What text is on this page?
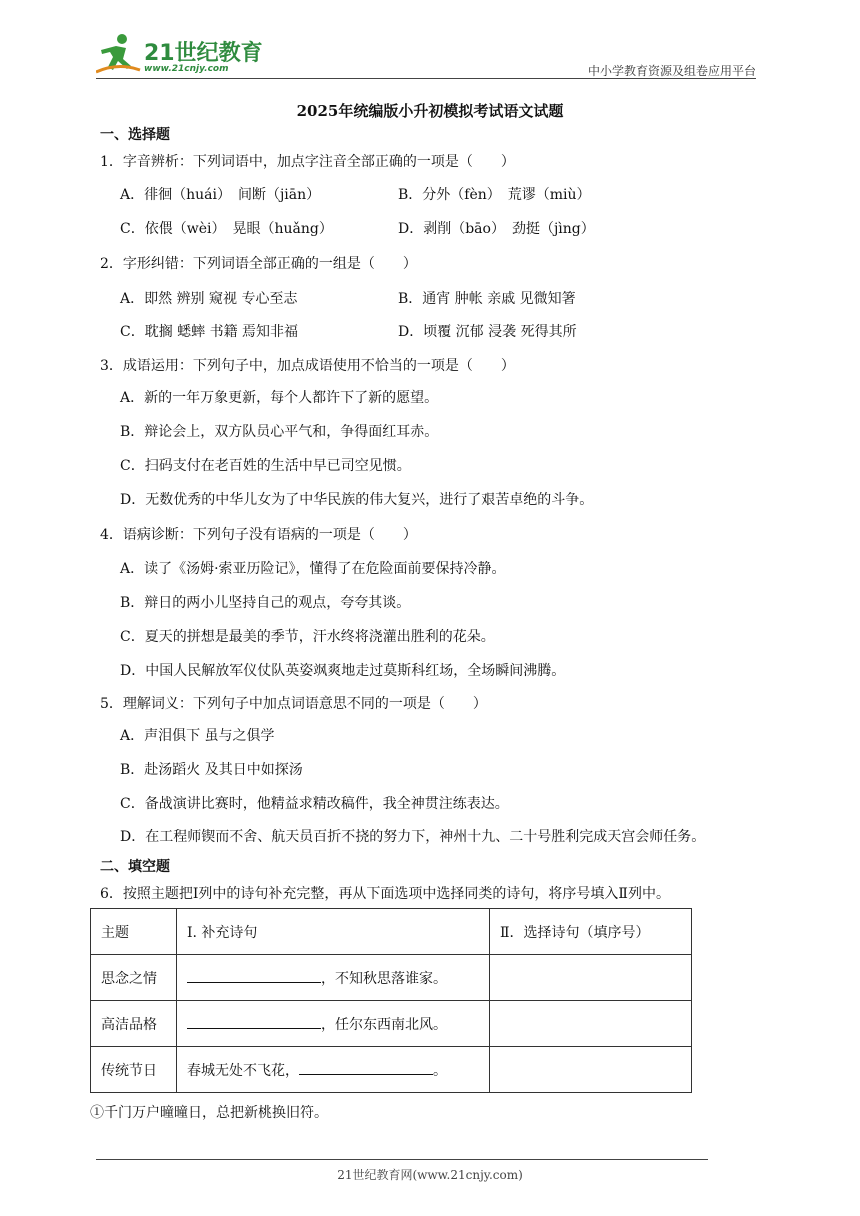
21世纪教育
www.21cnjy.com	中小学教育资源及组卷应用平台
2025年统编版小升初模拟考试语文试题
一、选择题
1．字音辨析：下列词语中，加点字注音全部正确的一项是（　　）
A．徘徊（huái）　间断（jiān）	B．分外（fèn）　荒谬（miù）
C．依偎（wèi）　晃眼（huǎng）	D．剥削（bāo）　劲挺（jìng）
2．字形纠错：下列词语全部正确的一组是（　　）
A．即然 辨别 窥视 专心至志	B．通宵 肿帐 亲戚 见微知箸
C．耽搁 蟋蟀 书籍 焉知非福	D．顷覆 沉郁 浸袭 死得其所
3．成语运用：下列句子中，加点成语使用不恰当的一项是（　　）
A．新的一年万象更新，每个人都许下了新的愿望。
B．辩论会上，双方队员心平气和，争得面红耳赤。
C．扫码支付在老百姓的生活中早已司空见惯。
D．无数优秀的中华儿女为了中华民族的伟大复兴，进行了艰苦卓绝的斗争。
4．语病诊断：下列句子没有语病的一项是（　　）
A．读了《汤姆·索亚历险记》，懂得了在危险面前要保持冷静。
B．辩日的两小儿坚持自己的观点，夸夸其谈。
C．夏天的拼想是最美的季节，汗水终将浇灌出胜利的花朵。
D．中国人民解放军仪仗队英姿飒爽地走过莫斯科红场，全场瞬间沸腾。
5．理解词义：下列句子中加点词语意思不同的一项是（　　）
A．声泪俱下 虽与之俱学
B．赴汤蹈火 及其日中如探汤
C．备战演讲比赛时，他精益求精改稿件，我全神贯注练表达。
D．在工程师锲而不舍、航天员百折不挠的努力下，神州十九、二十号胜利完成天宫会师任务。
二、填空题
6．按照主题把Ⅰ列中的诗句补充完整，再从下面选项中选择同类的诗句，将序号填入Ⅱ列中。
主题	Ⅰ. 补充诗句	Ⅱ．选择诗句（填序号）
思念之情	，不知秋思落谁家。	
高洁品格	，任尔东西南北风。	
传统节日	春城无处不飞花， 。	
①千门万户曈曈日，总把新桃换旧符。
21世纪教育网(www.21cnjy.com)
